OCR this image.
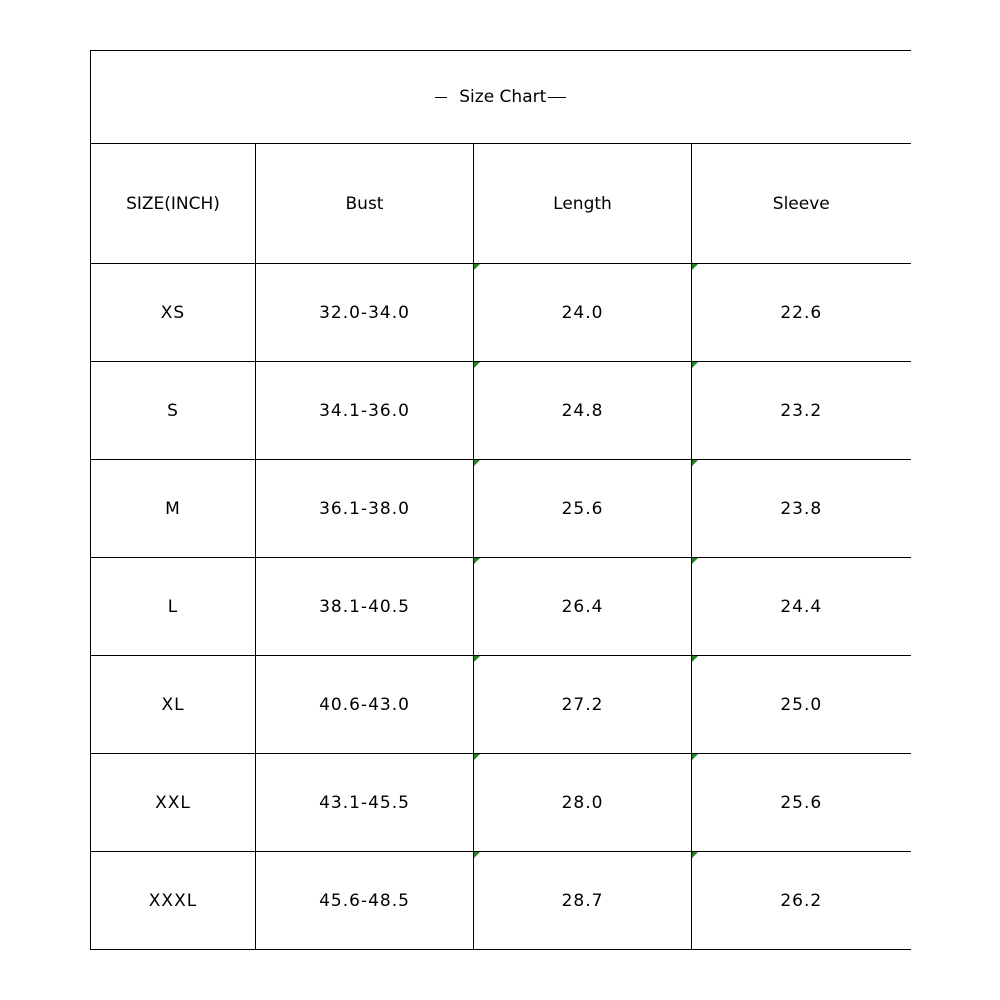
Size Chart			
SIZE(INCH)	Bust	Length	Sleeve
XS	32.0-34.0	24.0	22.6
S	34.1-36.0	24.8	23.2
M	36.1-38.0	25.6	23.8
L	38.1-40.5	26.4	24.4
XL	40.6-43.0	27.2	25.0
XXL	43.1-45.5	28.0	25.6
XXXL	45.6-48.5	28.7	26.2
